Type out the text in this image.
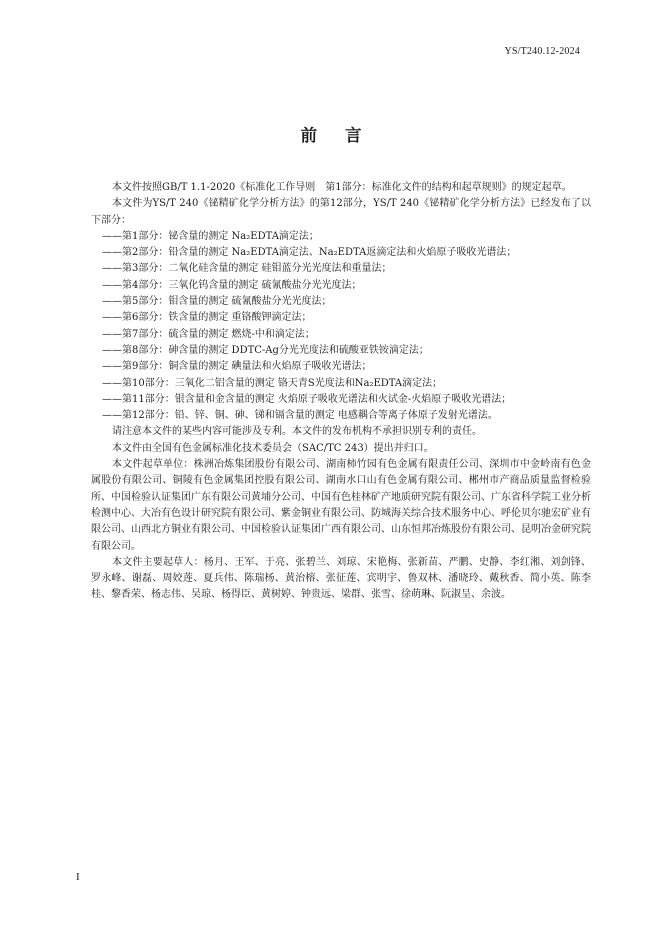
YS/T240.12-2024
前言

本文件按照GB/T 1.1-2020《标准化工作导则　第1部分：标准化文件的结构和起草规则》的规定起草。

本文件为YS/T 240《铋精矿化学分析方法》的第12部分，YS/T 240《铋精矿化学分析方法》已经发布了以下部分：

——第1部分：铋含量的测定 Na₂EDTA滴定法；

——第2部分：铅含量的测定 Na₂EDTA滴定法、Na₂EDTA返滴定法和火焰原子吸收光谱法；

——第3部分：二氧化硅含量的测定 硅钼蓝分光光度法和重量法；

——第4部分：三氧化钨含量的测定 硫氰酸盐分光光度法；

——第5部分：钼含量的测定 硫氰酸盐分光光度法；

——第6部分：铁含量的测定 重铬酸钾滴定法；

——第7部分：硫含量的测定 燃烧-中和滴定法；

——第8部分：砷含量的测定 DDTC-Ag分光光度法和硫酸亚铁铵滴定法；

——第9部分：铜含量的测定 碘量法和火焰原子吸收光谱法；

——第10部分：三氧化二铝含量的测定 铬天青S光度法和Na₂EDTA滴定法；

——第11部分：银含量和金含量的测定 火焰原子吸收光谱法和火试金-火焰原子吸收光谱法；

——第12部分：铅、锌、铜、砷、锑和镉含量的测定 电感耦合等离子体原子发射光谱法。

请注意本文件的某些内容可能涉及专利。本文件的发布机构不承担识别专利的责任。

本文件由全国有色金属标准化技术委员会（SAC/TC 243）提出并归口。

本文件起草单位：株洲冶炼集团股份有限公司、湖南柿竹园有色金属有限责任公司、深圳市中金岭南有色金属股份有限公司、铜陵有色金属集团控股有限公司、湖南水口山有色金属有限公司、郴州市产商品质量监督检验所、中国检验认证集团广东有限公司黄埔分公司、中国有色桂林矿产地质研究院有限公司、广东省科学院工业分析检测中心、大冶有色设计研究院有限公司、紫金铜业有限公司、防城海关综合技术服务中心、呼伦贝尔驰宏矿业有限公司、山西北方铜业有限公司、中国检验认证集团广西有限公司、山东恒邦冶炼股份有限公司、昆明冶金研究院有限公司。

本文件主要起草人：杨月、王军、于亮、张碧兰、刘琼、宋艳梅、张新苗、严鹏、史静、李红湘、刘剑锋、罗永峰、谢磊、周姣莲、夏兵伟、陈瑞杨、黄治榕、张征莲、宾明宇、鲁双林、潘晓玲、戴秋香、简小英、陈李桂、黎香荣、杨志伟、吴琼、杨得臣、黄树婷、钟贵远、梁群、张雪、徐萌琳、阮淑呈、余波。

I
